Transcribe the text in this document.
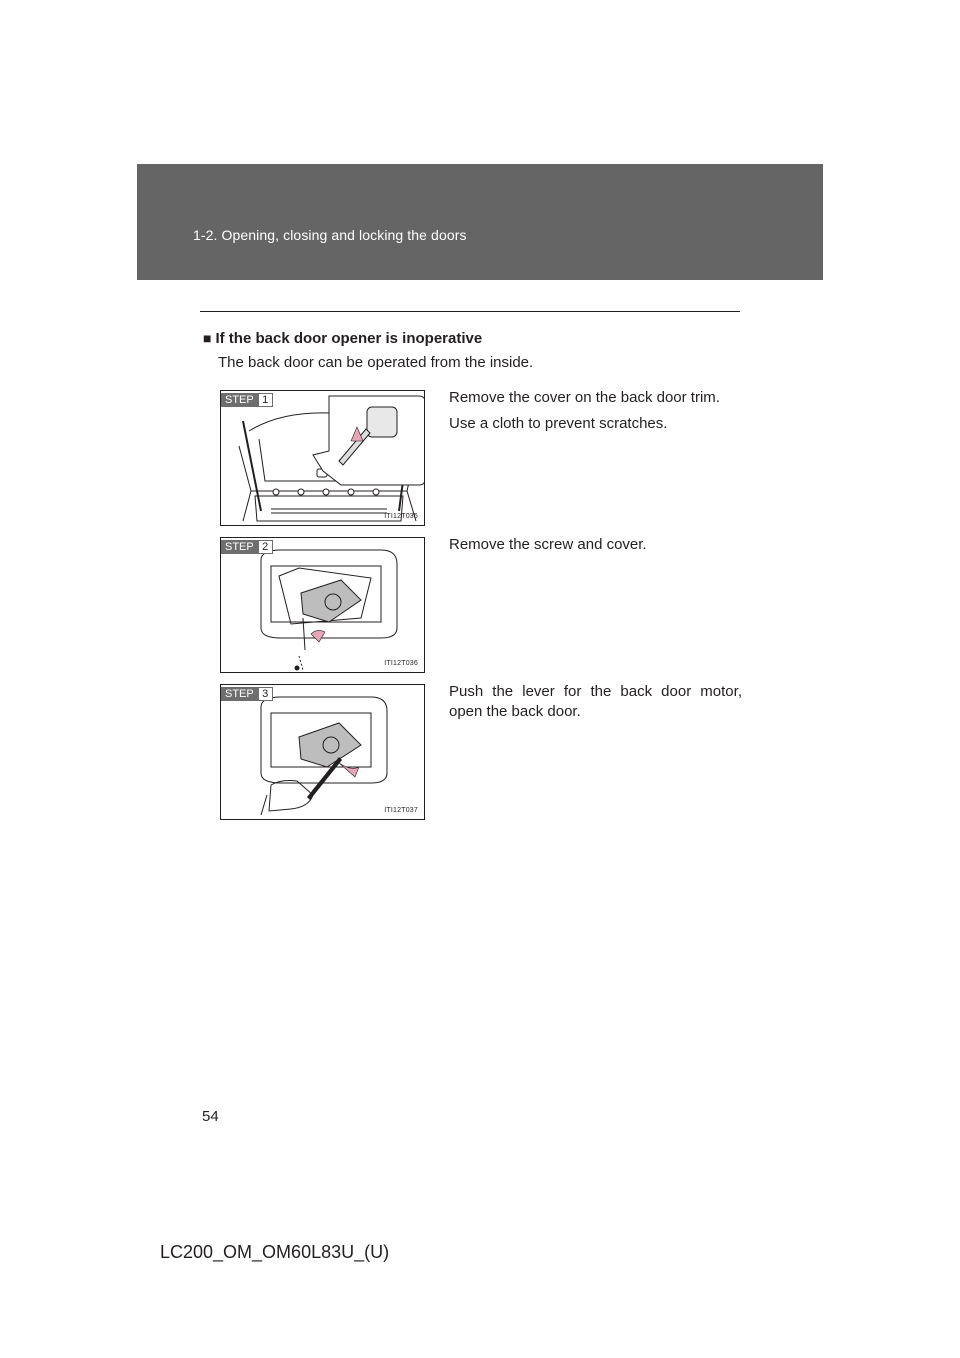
1-2. Opening, closing and locking the doors
■ If the back door opener is inoperative
The back door can be operated from the inside.
STEP 1
ITI12T035

Remove the cover on the back door trim.

Use a cloth to prevent scratches.

STEP 2
ITI12T036

Remove the screw and cover.

STEP 3
ITI12T037

Push the lever for the back door motor, open the back door.

54
LC200_OM_OM60L83U_(U)
